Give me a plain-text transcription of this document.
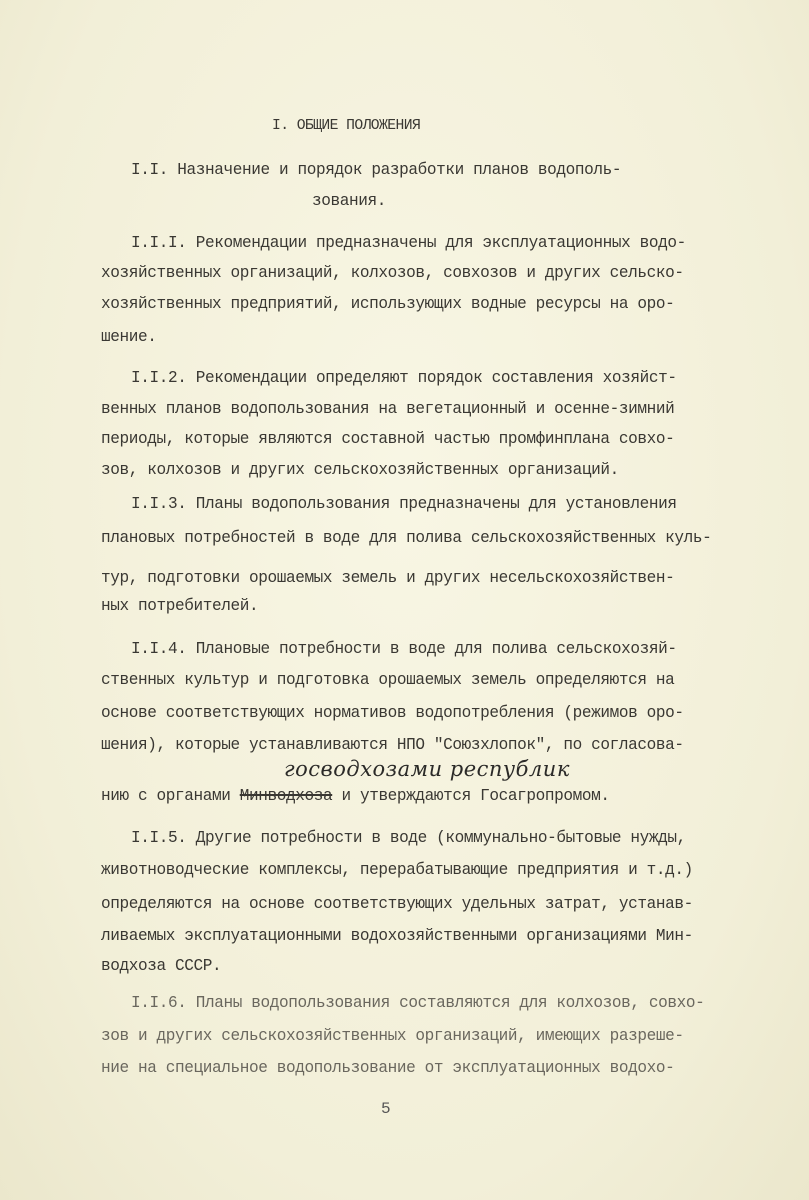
I. ОБЩИЕ ПОЛОЖЕНИЯ
I.I. Назначение и порядок разработки планов водополь-
зования.
I.I.I. Рекомендации предназначены для эксплуатационных водо-
хозяйственных организаций, колхозов, совхозов и других сельско-
хозяйственных предприятий, использующих водные ресурсы на оро-
шение.
I.I.2. Рекомендации определяют порядок составления хозяйст-
венных планов водопользования на вегетационный и осенне-зимний
периоды, которые являются составной частью промфинплана совхо-
зов, колхозов и других сельскохозяйственных организаций.
I.I.3. Планы водопользования предназначены для установления
плановых потребностей в воде для полива сельскохозяйственных куль-
тур, подготовки орошаемых земель и других несельскохозяйствен-
ных потребителей.
I.I.4. Плановые потребности в воде для полива сельскохозяй-
ственных культур и подготовка орошаемых земель определяются на
основе соответствующих нормативов водопотребления (режимов оро-
шения), которые устанавливаются НПО "Союзхлопок", по согласова-
госводхозами республик
нию с органами Минводхоза и утверждаются Госагропромом.
I.I.5. Другие потребности в воде (коммунально-бытовые нужды,
животноводческие комплексы, перерабатывающие предприятия и т.д.)
определяются на основе соответствующих удельных затрат, устанав-
ливаемых эксплуатационными водохозяйственными организациями Мин-
водхоза СССР.
I.I.6. Планы водопользования составляются для колхозов, совхо-
зов и других сельскохозяйственных организаций, имеющих разреше-
ние на специальное водопользование от эксплуатационных водохо-
5
